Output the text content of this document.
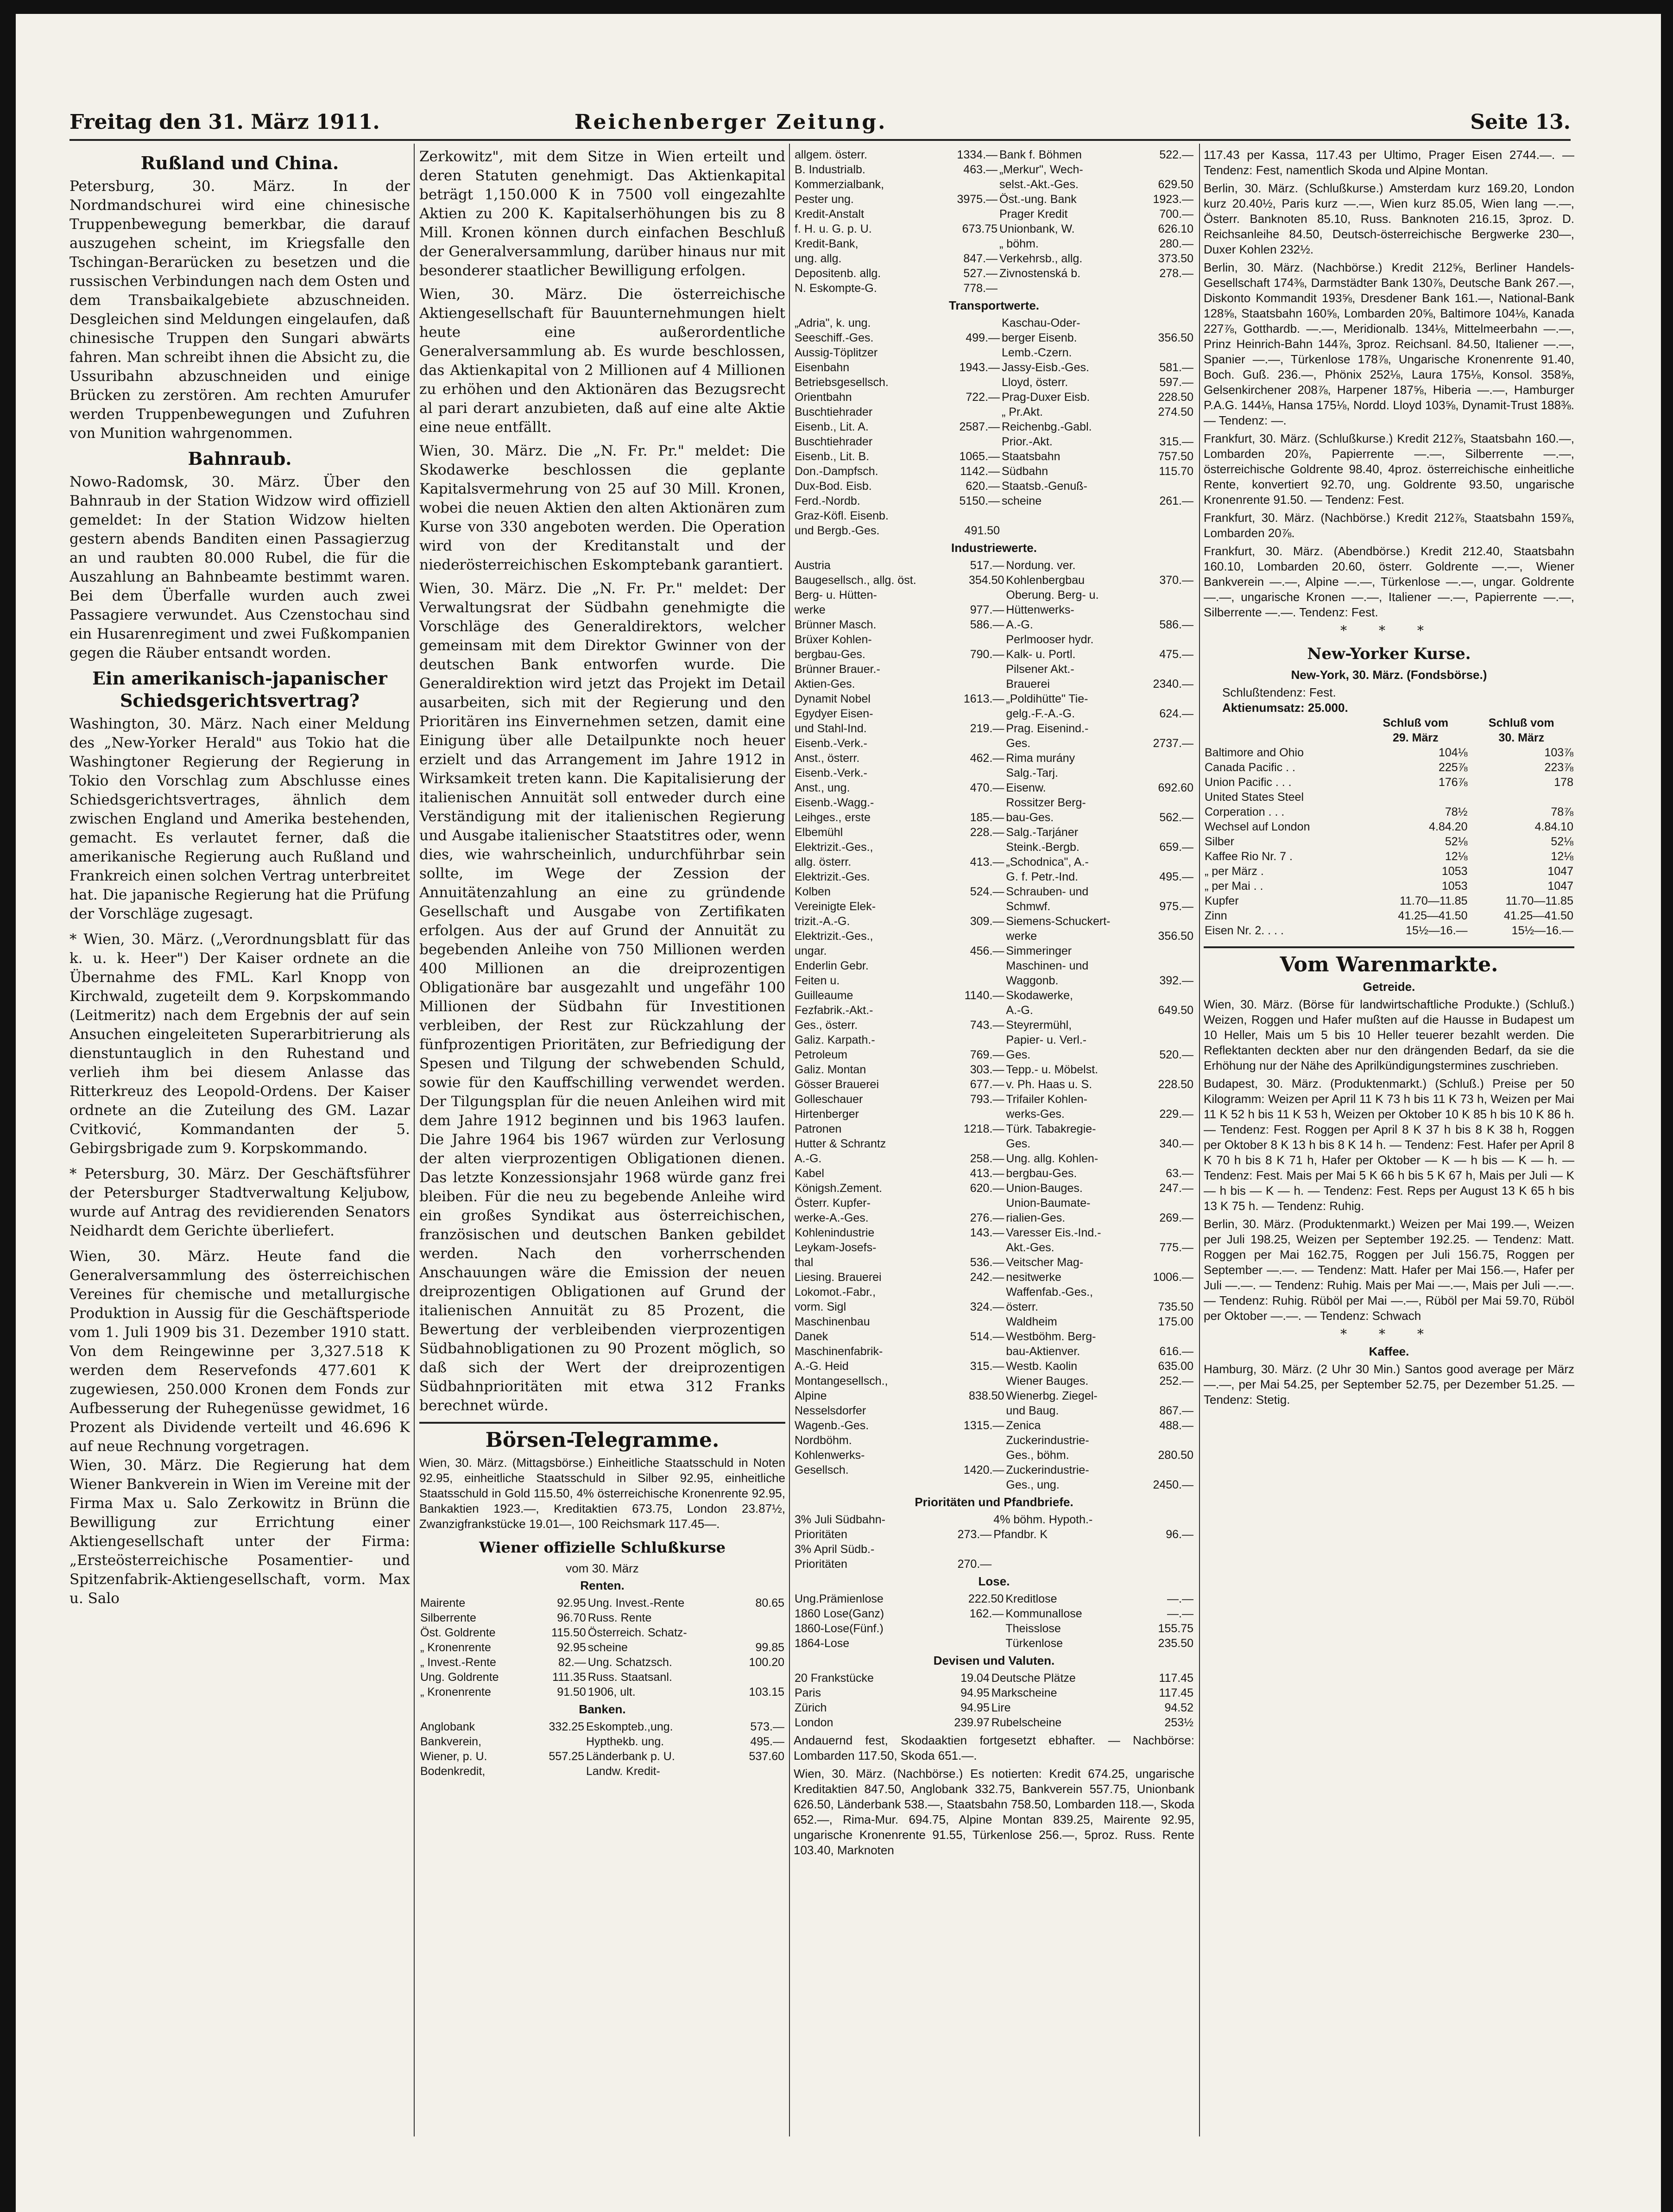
Freitag den 31. März 1911.	Reichenberger Zeitung.	Seite 13.
Rußland und China.

Petersburg, 30. März. In der Nordmandschurei wird eine chinesische Truppenbewegung bemerkbar, die darauf auszugehen scheint, im Kriegsfalle den Tschingan-Berarücken zu besetzen und die russischen Verbindungen nach dem Osten und dem Transbaikalgebiete abzuschneiden. Desgleichen sind Meldungen eingelaufen, daß chinesische Truppen den Sungari abwärts fahren. Man schreibt ihnen die Absicht zu, die Ussuribahn abzuschneiden und einige Brücken zu zerstören. Am rechten Amurufer werden Truppenbewegungen und Zufuhren von Munition wahrgenommen.

Bahnraub.

Nowo-Radomsk, 30. März. Über den Bahnraub in der Station Widzow wird offiziell gemeldet: In der Station Widzow hielten gestern abends Banditen einen Passagierzug an und raubten 80.000 Rubel, die für die Auszahlung an Bahnbeamte bestimmt waren. Bei dem Überfalle wurden auch zwei Passagiere verwundet. Aus Czenstochau sind ein Husarenregiment und zwei Fußkompanien gegen die Räuber entsandt worden.

Ein amerikanisch-japanischer Schiedsgerichtsvertrag?

Washington, 30. März. Nach einer Meldung des „New-Yorker Herald" aus Tokio hat die Washingtoner Regierung der Regierung in Tokio den Vorschlag zum Abschlusse eines Schiedsgerichtsvertrages, ähnlich dem zwischen England und Amerika bestehenden, gemacht. Es verlautet ferner, daß die amerikanische Regierung auch Rußland und Frankreich einen solchen Vertrag unterbreitet hat. Die japanische Regierung hat die Prüfung der Vorschläge zugesagt.

* Wien, 30. März. („Verordnungsblatt für das k. u. k. Heer") Der Kaiser ordnete an die Übernahme des FML. Karl Knopp von Kirchwald, zugeteilt dem 9. Korpskommando (Leitmeritz) nach dem Ergebnis der auf sein Ansuchen eingeleiteten Superarbitrierung als dienstuntauglich in den Ruhestand und verlieh ihm bei diesem Anlasse das Ritterkreuz des Leopold-Ordens. Der Kaiser ordnete an die Zuteilung des GM. Lazar Cvitković, Kommandanten der 5. Gebirgsbrigade zum 9. Korpskommando.

* Petersburg, 30. März. Der Geschäftsführer der Petersburger Stadtverwaltung Keljubow, wurde auf Antrag des revidierenden Senators Neidhardt dem Gerichte überliefert.

Wien, 30. März. Heute fand die Generalversammlung des österreichischen Vereines für chemische und metallurgische Produktion in Aussig für die Geschäftsperiode vom 1. Juli 1909 bis 31. Dezember 1910 statt. Von dem Reingewinne per 3,327.518 K werden dem Reservefonds 477.601 K zugewiesen, 250.000 Kronen dem Fonds zur Aufbesserung der Ruhegenüsse gewidmet, 16 Prozent als Dividende verteilt und 46.696 K auf neue Rechnung vorgetragen.

Wien, 30. März. Die Regierung hat dem Wiener Bankverein in Wien im Vereine mit der Firma Max u. Salo Zerkowitz in Brünn die Bewilligung zur Errichtung einer Aktiengesellschaft unter der Firma: „Ersteösterreichische Posamentier- und Spitzenfabrik-Aktiengesellschaft, vorm. Max u. Salo

Zerkowitz", mit dem Sitze in Wien erteilt und deren Statuten genehmigt. Das Aktienkapital beträgt 1,150.000 K in 7500 voll eingezahlte Aktien zu 200 K. Kapitalserhöhungen bis zu 8 Mill. Kronen können durch einfachen Beschluß der Generalversammlung, darüber hinaus nur mit besonderer staatlicher Bewilligung erfolgen.

Wien, 30. März. Die österreichische Aktiengesellschaft für Bauunternehmungen hielt heute eine außerordentliche Generalversammlung ab. Es wurde beschlossen, das Aktienkapital von 2 Millionen auf 4 Millionen zu erhöhen und den Aktionären das Bezugsrecht al pari derart anzubieten, daß auf eine alte Aktie eine neue entfällt.

Wien, 30. März. Die „N. Fr. Pr." meldet: Die Skodawerke beschlossen die geplante Kapitalsvermehrung von 25 auf 30 Mill. Kronen, wobei die neuen Aktien den alten Aktionären zum Kurse von 330 angeboten werden. Die Operation wird von der Kreditanstalt und der niederösterreichischen Eskomptebank garantiert.

Wien, 30. März. Die „N. Fr. Pr." meldet: Der Verwaltungsrat der Südbahn genehmigte die Vorschläge des Generaldirektors, welcher gemeinsam mit dem Direktor Gwinner von der deutschen Bank entworfen wurde. Die Generaldirektion wird jetzt das Projekt im Detail ausarbeiten, sich mit der Regierung und den Prioritären ins Einvernehmen setzen, damit eine Einigung über alle Detailpunkte noch heuer erzielt und das Arrangement im Jahre 1912 in Wirksamkeit treten kann. Die Kapitalisierung der italienischen Annuität soll entweder durch eine Verständigung mit der italienischen Regierung und Ausgabe italienischer Staatstitres oder, wenn dies, wie wahrscheinlich, undurchführbar sein sollte, im Wege der Zession der Annuitätenzahlung an eine zu gründende Gesellschaft und Ausgabe von Zertifikaten erfolgen. Aus der auf Grund der Annuität zu begebenden Anleihe von 750 Millionen werden 400 Millionen an die dreiprozentigen Obligationäre bar ausgezahlt und ungefähr 100 Millionen der Südbahn für Investitionen verbleiben, der Rest zur Rückzahlung der fünfprozentigen Prioritäten, zur Befriedigung der Spesen und Tilgung der schwebenden Schuld, sowie für den Kauffschilling verwendet werden. Der Tilgungsplan für die neuen Anleihen wird mit dem Jahre 1912 beginnen und bis 1963 laufen. Die Jahre 1964 bis 1967 würden zur Verlosung der alten vierprozentigen Obligationen dienen. Das letzte Konzessionsjahr 1968 würde ganz frei bleiben. Für die neu zu begebende Anleihe wird ein großes Syndikat aus österreichischen, französischen und deutschen Banken gebildet werden. Nach den vorherrschenden Anschauungen wäre die Emission der neuen dreiprozentigen Obligationen auf Grund der italienischen Annuität zu 85 Prozent, die Bewertung der verbleibenden vierprozentigen Südbahnobligationen zu 90 Prozent möglich, so daß sich der Wert der dreiprozentigen Südbahnprioritäten mit etwa 312 Franks berechnet würde.

Börsen-Telegramme.
Wien, 30. März. (Mittagsbörse.) Einheitliche Staatsschuld in Noten 92.95, einheitliche Staatsschuld in Silber 92.95, einheitliche Staatsschuld in Gold 115.50, 4% österreichische Kronenrente 92.95, Bankaktien 1923.—, Kreditaktien 673.75, London 23.87½, Zwanzigfrankstücke 19.01—, 100 Reichsmark 117.45—.
Wiener offizielle Schlußkurse
vom 30. März
Renten.
Mairente	92.95	Ung. Invest.-Rente	80.65
Silberrente	96.70	Russ. Rente	
Öst. Goldrente	115.50	Österreich. Schatz-	
„ Kronenrente	92.95	scheine	99.85
„ Invest.-Rente	82.—	Ung. Schatzsch.	100.20
Ung. Goldrente	111.35	Russ. Staatsanl.	
„ Kronenrente	91.50	1906, ult.	103.15
Banken.
Anglobank	332.25	Eskompteb.,ung.	573.—
Bankverein,		Hypthekb. ung.	495.—
Wiener, p. U.	557.25	Länderbank p. U.	537.60
Bodenkredit,		Landw. Kredit-	
allgem. österr.	1334.—	Bank f. Böhmen	522.—
B. Industrialb.	463.—	„Merkur", Wech-	
Kommerzialbank,		selst.-Akt.-Ges.	629.50
Pester ung.	3975.—	Öst.-ung. Bank	1923.—
Kredit-Anstalt		Prager Kredit	700.—
f. H. u. G. p. U.	673.75	Unionbank, W.	626.10
Kredit-Bank,		„ böhm.	280.—
ung. allg.	847.—	Verkehrsb., allg.	373.50
Depositenb. allg.	527.—	Zivnostenská b.	278.—
N. Eskompte-G.	778.—		
Transportwerte.
„Adria", k. ung.		Kaschau-Oder-	
Seeschiff.-Ges.	499.—	berger Eisenb.	356.50
Aussig-Töplitzer		Lemb.-Czern.	
Eisenbahn	1943.—	Jassy-Eisb.-Ges.	581.—
Betriebsgesellsch.		Lloyd, österr.	597.—
Orientbahn	722.—	Prag-Duxer Eisb.	228.50
Buschtiehrader		„ Pr.Akt.	274.50
Eisenb., Lit. A.	2587.—	Reichenbg.-Gabl.	
Buschtiehrader		Prior.-Akt.	315.—
Eisenb., Lit. B.	1065.—	Staatsbahn	757.50
Don.-Dampfsch.	1142.—	Südbahn	115.70
Dux-Bod. Eisb.	620.—	Staatsb.-Genuß-	
Ferd.-Nordb.	5150.—	scheine	261.—
Graz-Köfl. Eisenb.			
und Bergb.-Ges.	491.50		
Industriewerte.
Austria	517.—	Nordung. ver.	
Baugesellsch., allg. öst.	354.50	Kohlenbergbau	370.—
Berg- u. Hütten-		Oberung. Berg- u.	
werke	977.—	Hüttenwerks-	
Brünner Masch.	586.—	A.-G.	586.—
Brüxer Kohlen-		Perlmooser hydr.	
bergbau-Ges.	790.—	Kalk- u. Portl.	475.—
Brünner Brauer.-		Pilsener Akt.-	
Aktien-Ges.		Brauerei	2340.—
Dynamit Nobel	1613.—	„Poldihütte" Tie-	
Egydyer Eisen-		gelg.-F.-A.-G.	624.—
und Stahl-Ind.	219.—	Prag. Eisenind.-	
Eisenb.-Verk.-		Ges.	2737.—
Anst., österr.	462.—	Rima murány	
Eisenb.-Verk.-		Salg.-Tarj.	
Anst., ung.	470.—	Eisenw.	692.60
Eisenb.-Wagg.-		Rossitzer Berg-	
Leihges., erste	185.—	bau-Ges.	562.—
Elbemühl	228.—	Salg.-Tarjáner	
Elektrizit.-Ges.,		Steink.-Bergb.	659.—
allg. österr.	413.—	„Schodnica", A.-	
Elektrizit.-Ges.		G. f. Petr.-Ind.	495.—
Kolben	524.—	Schrauben- und	
Vereinigte Elek-		Schmwf.	975.—
trizit.-A.-G.	309.—	Siemens-Schuckert-	
Elektrizit.-Ges.,		werke	356.50
ungar.	456.—	Simmeringer	
Enderlin Gebr.		Maschinen- und	
Feiten u.		Waggonb.	392.—
Guilleaume	1140.—	Skodawerke,	
Fezfabrik.-Akt.-		A.-G.	649.50
Ges., österr.	743.—	Steyrermühl,	
Galiz. Karpath.-		Papier- u. Verl.-	
Petroleum	769.—	Ges.	520.—
Galiz. Montan	303.—	Tepp.- u. Möbelst.	
Gösser Brauerei	677.—	v. Ph. Haas u. S.	228.50
Golleschauer	793.—	Trifailer Kohlen-	
Hirtenberger		werks-Ges.	229.—
Patronen	1218.—	Türk. Tabakregie-	
Hutter & Schrantz		Ges.	340.—
A.-G.	258.—	Ung. allg. Kohlen-	
Kabel	413.—	bergbau-Ges.	63.—
Königsh.Zement.	620.—	Union-Bauges.	247.—
Österr. Kupfer-		Union-Baumate-	
werke-A.-Ges.	276.—	rialien-Ges.	269.—
Kohlenindustrie	143.—	Varesser Eis.-Ind.-	
Leykam-Josefs-		Akt.-Ges.	775.—
thal	536.—	Veitscher Mag-	
Liesing. Brauerei	242.—	nesitwerke	1006.—
Lokomot.-Fabr.,		Waffenfab.-Ges.,	
vorm. Sigl	324.—	österr.	735.50
Maschinenbau		Waldheim	175.00
Danek	514.—	Westböhm. Berg-	
Maschinenfabrik-		bau-Aktienver.	616.—
A.-G. Heid	315.—	Westb. Kaolin	635.00
Montangesellsch.,		Wiener Bauges.	252.—
Alpine	838.50	Wienerbg. Ziegel-	
Nesselsdorfer		und Baug.	867.—
Wagenb.-Ges.	1315.—	Zenica	488.—
Nordböhm.		Zuckerindustrie-	
Kohlenwerks-		Ges., böhm.	280.50
Gesellsch.	1420.—	Zuckerindustrie-	
		Ges., ung.	2450.—
Prioritäten und Pfandbriefe.
3% Juli Südbahn-		4% böhm. Hypoth.-	
Prioritäten	273.—	Pfandbr. K	96.—
3% April Südb.-			
Prioritäten	270.—		
Lose.
Ung.Prämienlose	222.50	Kreditlose	—.—
1860 Lose(Ganz)	162.—	Kommunallose	—.—
1860-Lose(Fünf.)		Theisslose	155.75
1864-Lose		Türkenlose	235.50
Devisen und Valuten.
20 Frankstücke	19.04	Deutsche Plätze	117.45
Paris	94.95	Markscheine	117.45
Zürich	94.95	Lire	94.52
London	239.97	Rubelscheine	253½
Andauernd fest, Skodaaktien fortgesetzt ebhafter. — Nachbörse: Lombarden 117.50, Skoda 651.—.
Wien, 30. März. (Nachbörse.) Es notierten: Kredit 674.25, ungarische Kreditaktien 847.50, Anglobank 332.75, Bankverein 557.75, Unionbank 626.50, Länderbank 538.—, Staatsbahn 758.50, Lombarden 118.—, Skoda 652.—, Rima-Mur. 694.75, Alpine Montan 839.25, Mairente 92.95, ungarische Kronenrente 91.55, Türkenlose 256.—, 5proz. Russ. Rente 103.40, Marknoten
117.43 per Kassa, 117.43 per Ultimo, Prager Eisen 2744.—. — Tendenz: Fest, namentlich Skoda und Alpine Montan.
Berlin, 30. März. (Schlußkurse.) Amsterdam kurz 169.20, London kurz 20.40½, Paris kurz —.—, Wien kurz 85.05, Wien lang —.—, Österr. Banknoten 85.10, Russ. Banknoten 216.15, 3proz. D. Reichsanleihe 84.50, Deutsch-österreichische Bergwerke 230—, Duxer Kohlen 232½.
Berlin, 30. März. (Nachbörse.) Kredit 212⅝, Berliner Handels-Gesellschaft 174⅜, Darmstädter Bank 130⅞, Deutsche Bank 267.—, Diskonto Kommandit 193⅝, Dresdener Bank 161.—, National-Bank 128⅝, Staatsbahn 160⅝, Lombarden 20⅝, Baltimore 104⅛, Kanada 227⅞, Gotthardb. —.—, Meridionalb. 134⅛, Mittelmeerbahn —.—, Prinz Heinrich-Bahn 144⅞, 3proz. Reichsanl. 84.50, Italiener —.—, Spanier —.—, Türkenlose 178⅞, Ungarische Kronenrente 91.40, Boch. Guß. 236.—, Phönix 252⅛, Laura 175⅛, Konsol. 358⅝, Gelsenkirchener 208⅞, Harpener 187⅝, Hiberia —.—, Hamburger P.A.G. 144⅛, Hansa 175⅛, Nordd. Lloyd 103⅝, Dynamit-Trust 188⅜. — Tendenz: —.
Frankfurt, 30. März. (Schlußkurse.) Kredit 212⅞, Staatsbahn 160.—, Lombarden 20⅞, Papierrente —.—, Silberrente —.—, österreichische Goldrente 98.40, 4proz. österreichische einheitliche Rente, konvertiert 92.70, ung. Goldrente 93.50, ungarische Kronenrente 91.50. — Tendenz: Fest.
Frankfurt, 30. März. (Nachbörse.) Kredit 212⅞, Staatsbahn 159⅞, Lombarden 20⅞.
Frankfurt, 30. März. (Abendbörse.) Kredit 212.40, Staatsbahn 160.10, Lombarden 20.60, österr. Goldrente —.—, Wiener Bankverein —.—, Alpine —.—, Türkenlose —.—, ungar. Goldrente —.—, ungarische Kronen —.—, Italiener —.—, Papierrente —.—, Silberrente —.—. Tendenz: Fest.
* * *
New-Yorker Kurse.
New-York, 30. März. (Fondsbörse.)
Schlußtendenz: Fest.
Aktienumsatz: 25.000.
	Schluß vom	Schluß vom
	29. März	30. März
Baltimore and Ohio	104⅛	103⅞
Canada Pacific . .	225⅞	223⅞
Union Pacific . . .	176⅞	178
United States Steel		
Corperation . . .	78½	78⅞
Wechsel auf London	4.84.20	4.84.10
Silber	52⅛	52⅛
Kaffee Rio Nr. 7 .	12⅛	12⅛
„ per März .	1053	1047
„ per Mai . .	1053	1047
Kupfer	11.70—11.85	11.70—11.85
Zinn	41.25—41.50	41.25—41.50
Eisen Nr. 2. . . .	15½—16.—	15½—16.—
Vom Warenmarkte.
Getreide.
Wien, 30. März. (Börse für landwirtschaftliche Produkte.) (Schluß.) Weizen, Roggen und Hafer mußten auf die Hausse in Budapest um 10 Heller, Mais um 5 bis 10 Heller teuerer bezahlt werden. Die Reflektanten deckten aber nur den drängenden Bedarf, da sie die Erhöhung nur der Nähe des Aprilkündigungstermines zuschrieben.
Budapest, 30. März. (Produktenmarkt.) (Schluß.) Preise per 50 Kilogramm: Weizen per April 11 K 73 h bis 11 K 73 h, Weizen per Mai 11 K 52 h bis 11 K 53 h, Weizen per Oktober 10 K 85 h bis 10 K 86 h. — Tendenz: Fest. Roggen per April 8 K 37 h bis 8 K 38 h, Roggen per Oktober 8 K 13 h bis 8 K 14 h. — Tendenz: Fest. Hafer per April 8 K 70 h bis 8 K 71 h, Hafer per Oktober — K — h bis — K — h. — Tendenz: Fest. Mais per Mai 5 K 66 h bis 5 K 67 h, Mais per Juli — K — h bis — K — h. — Tendenz: Fest. Reps per August 13 K 65 h bis 13 K 75 h. — Tendenz: Ruhig.
Berlin, 30. März. (Produktenmarkt.) Weizen per Mai 199.—, Weizen per Juli 198.25, Weizen per September 192.25. — Tendenz: Matt. Roggen per Mai 162.75, Roggen per Juli 156.75, Roggen per September —.—. — Tendenz: Matt. Hafer per Mai 156.—, Hafer per Juli —.—. — Tendenz: Ruhig. Mais per Mai —.—, Mais per Juli —.—. — Tendenz: Ruhig. Rüböl per Mai —.—, Rüböl per Mai 59.70, Rüböl per Oktober —.—. — Tendenz: Schwach
* * *
Kaffee.
Hamburg, 30. März. (2 Uhr 30 Min.) Santos good average per März —.—, per Mai 54.25, per September 52.75, per Dezember 51.25. — Tendenz: Stetig.
